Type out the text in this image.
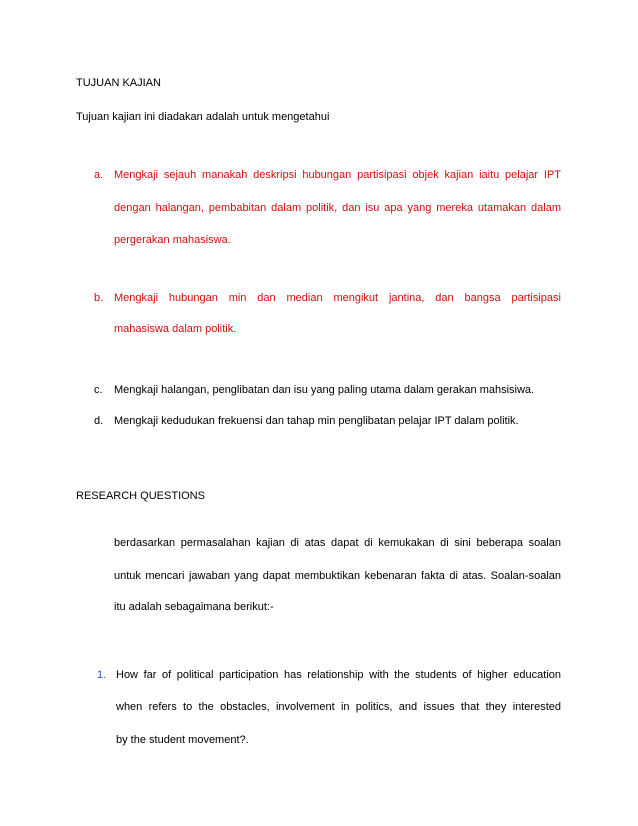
TUJUAN KAJIAN

Tujuan kajian ini diadakan adalah untuk mengetahui

a. Mengkaji sejauh manakah deskripsi hubungan partisipasi objek kajian iaitu pelajar IPT

dengan halangan, pembabitan dalam politik, dan isu apa yang mereka utamakan dalam

pergerakan mahasiswa.

b. Mengkaji hubungan min dan median mengikut jantina, dan bangsa partisipasi

mahasiswa dalam politik.

c. Mengkaji halangan, penglibatan dan isu yang paling utama dalam gerakan mahsisiwa.

d. Mengkaji kedudukan frekuensi dan tahap min penglibatan pelajar IPT dalam politik.

RESEARCH QUESTIONS

berdasarkan permasalahan kajian di atas dapat di kemukakan di sini beberapa soalan

untuk mencari jawaban yang dapat membuktikan kebenaran fakta di atas. Soalan-soalan

itu adalah sebagaimana berikut:-

1. How far of political participation has relationship with the students of higher education

when refers to the obstacles, involvement in politics, and issues that they interested

by the student movement?.
